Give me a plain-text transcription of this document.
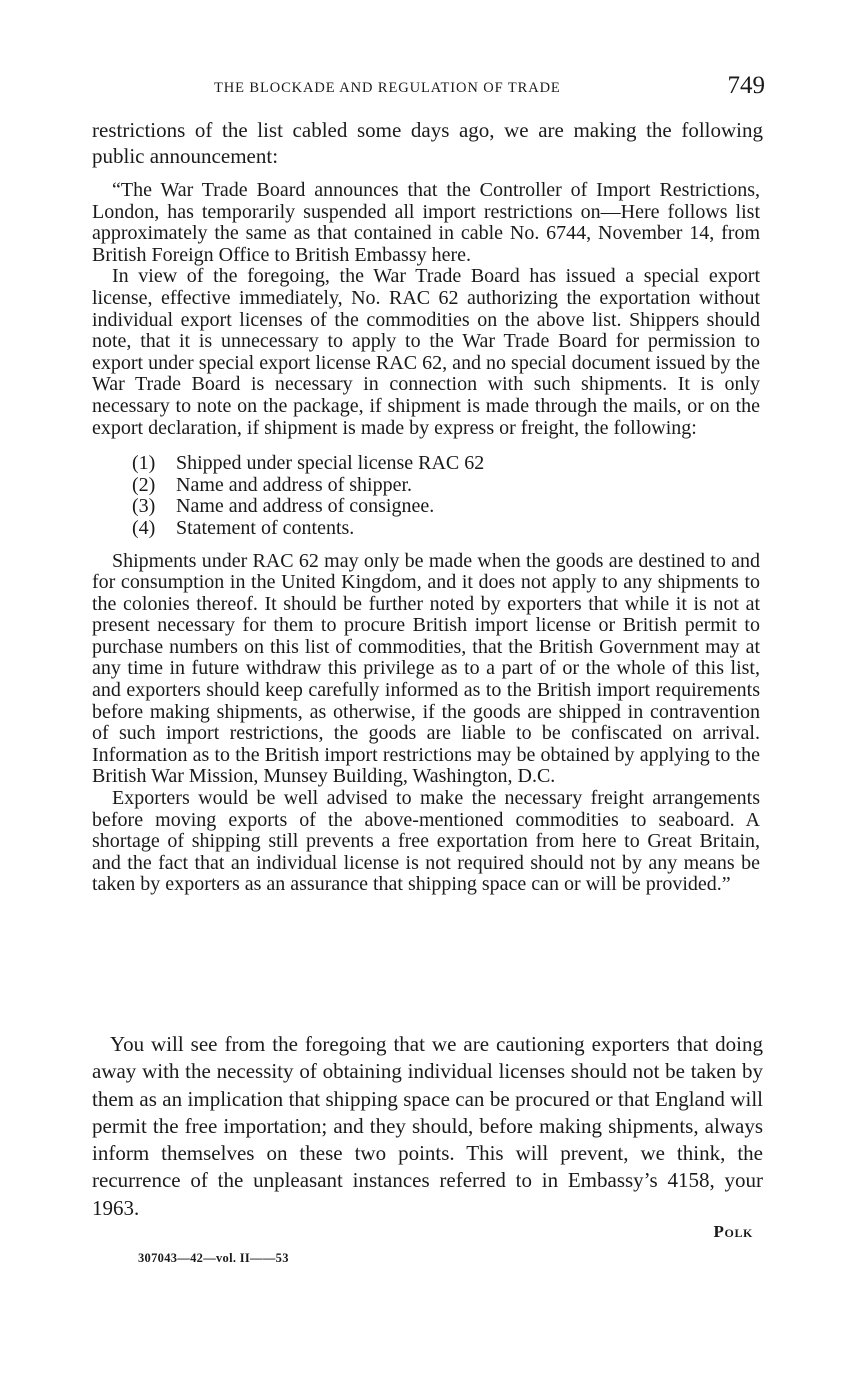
THE BLOCKADE AND REGULATION OF TRADE	749

restrictions of the list cabled some days ago, we are making the following public announcement:

“The War Trade Board announces that the Controller of Import Restrictions, London, has temporarily suspended all import restrictions on—Here follows list approximately the same as that contained in cable No. 6744, November 14, from British Foreign Office to British Embassy here.

In view of the foregoing, the War Trade Board has issued a special export license, effective immediately, No. RAC 62 authorizing the exportation without individual export licenses of the commodities on the above list. Shippers should note, that it is unnecessary to apply to the War Trade Board for permission to export under special export license RAC 62, and no special document issued by the War Trade Board is necessary in connection with such shipments. It is only necessary to note on the package, if shipment is made through the mails, or on the export declaration, if shipment is made by express or freight, the following:

(1)	Shipped under special license RAC 62
(2)	Name and address of shipper.
(3)	Name and address of consignee.
(4)	Statement of contents.

Shipments under RAC 62 may only be made when the goods are destined to and for consumption in the United Kingdom, and it does not apply to any shipments to the colonies thereof. It should be further noted by exporters that while it is not at present necessary for them to procure British import license or British permit to purchase numbers on this list of commodities, that the British Government may at any time in future withdraw this privilege as to a part of or the whole of this list, and exporters should keep carefully informed as to the British import requirements before making shipments, as otherwise, if the goods are shipped in contravention of such import restrictions, the goods are liable to be confiscated on arrival. Information as to the British import restrictions may be obtained by applying to the British War Mission, Munsey Building, Washington, D.C.

Exporters would be well advised to make the necessary freight arrangements before moving exports of the above-mentioned commodities to seaboard. A shortage of shipping still prevents a free exportation from here to Great Britain, and the fact that an individual license is not required should not by any means be taken by exporters as an assurance that shipping space can or will be provided.”

You will see from the foregoing that we are cautioning exporters that doing away with the necessity of obtaining individual licenses should not be taken by them as an implication that shipping space can be procured or that England will permit the free importation; and they should, before making shipments, always inform themselves on these two points. This will prevent, we think, the recurrence of the unpleasant instances referred to in Embassy’s 4158, your 1963.

Polk
307043—42—vol. II——53
